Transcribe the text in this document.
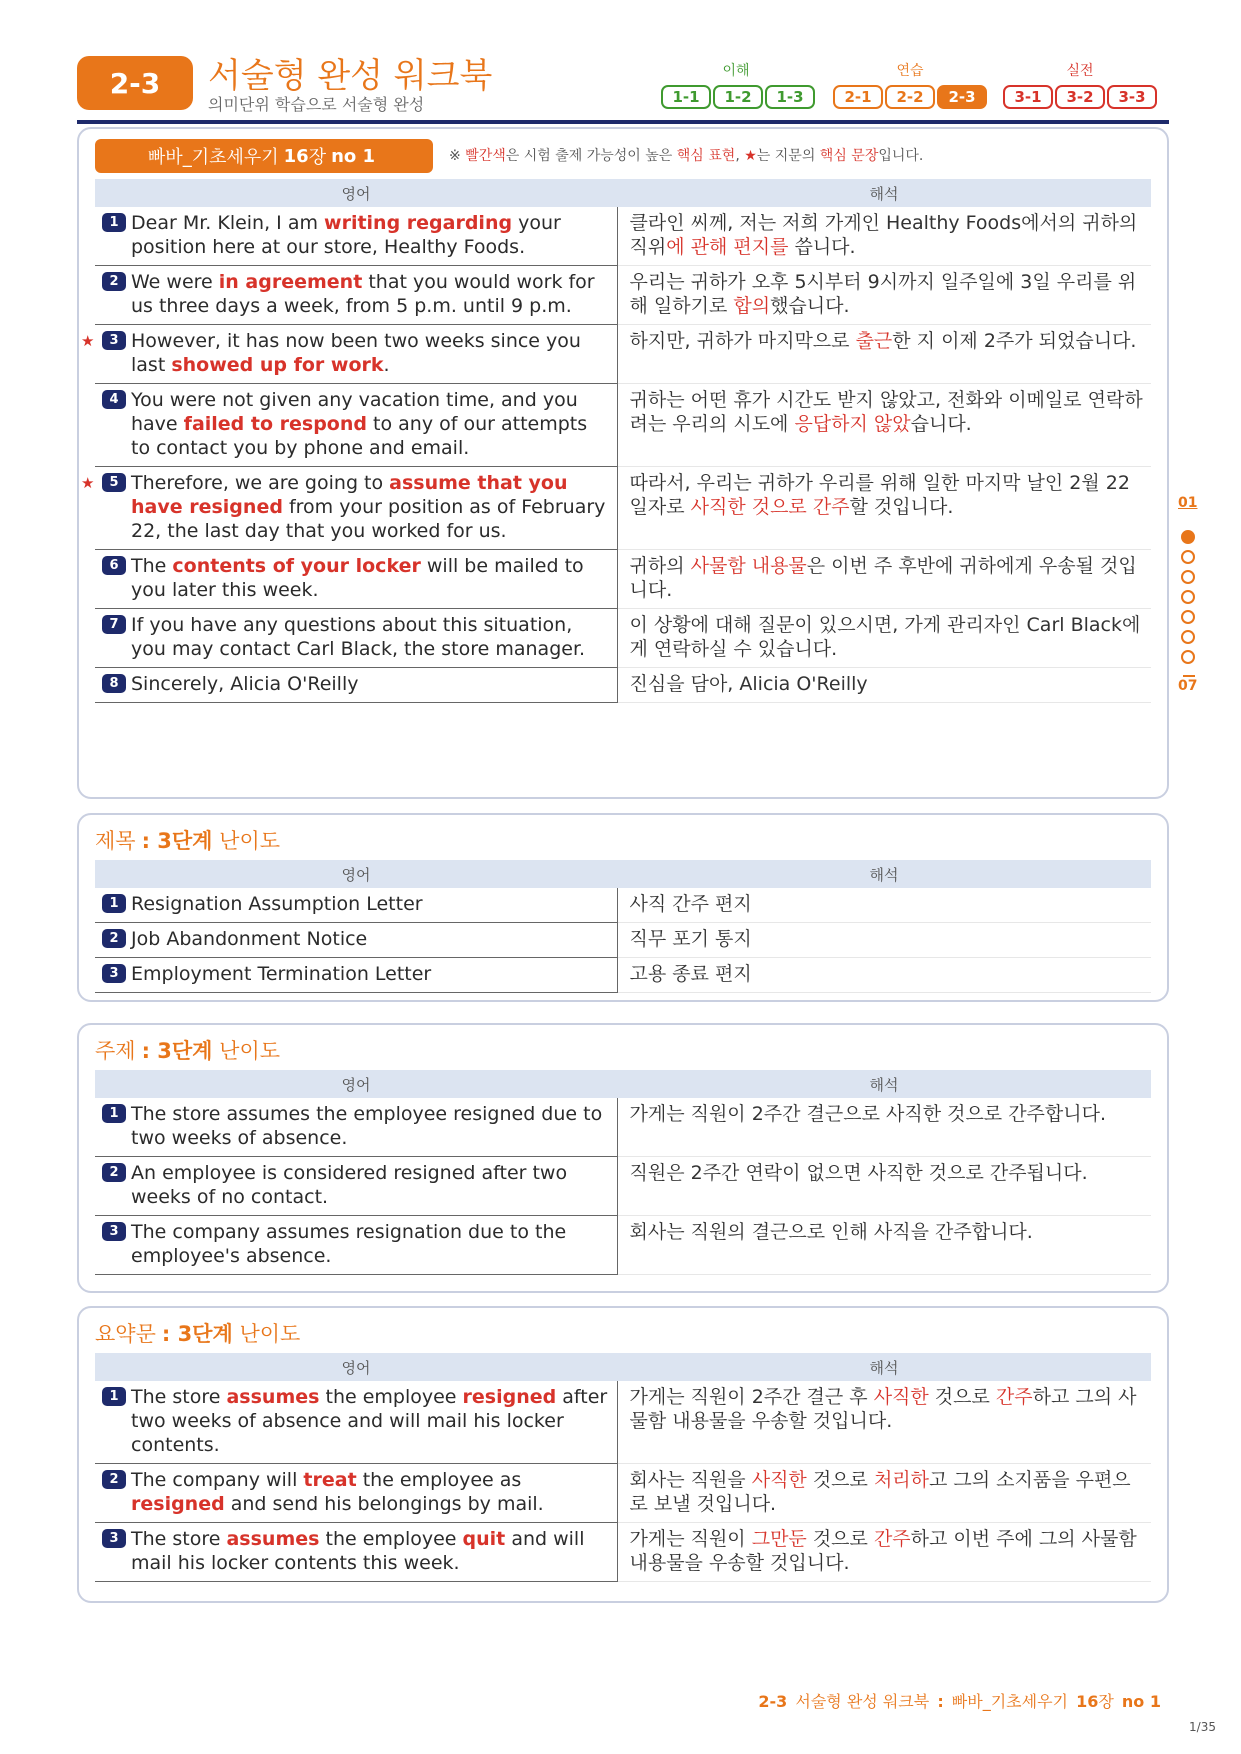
2-3	서술형 완성 워크북
의미단위 학습으로 서술형 완성
이해
1-1	1-2	1-3
연습
2-1	2-2	2-3
실전
3-1	3-2	3-3
빠바_기초세우기 16 장 no 1	※ 빨간색은 시험 출제 가능성이 높은 핵심 표현, ★는 지문의 핵심 문장입니다.
영어	해석

1 Dear Mr. Klein, I am writing regarding your position here at our store, Healthy Foods.	클라인 씨께, 저는 저희 가게인 Healthy Foods에서의 귀하의 직위에 관해 편지를 씁니다.

2 We were in agreement that you would work for us three days a week, from 5 p.m. until 9 p.m.	우리는 귀하가 오후 5시부터 9시까지 일주일에 3일 우리를 위해 일하기로 합의했습니다.

★ 3 However, it has now been two weeks since you last showed up for work.	하지만, 귀하가 마지막으로 출근한 지 이제 2주가 되었습니다.

4 You were not given any vacation time, and you have failed to respond to any of our attempts to contact you by phone and email.	귀하는 어떤 휴가 시간도 받지 않았고, 전화와 이메일로 연락하려는 우리의 시도에 응답하지 않았습니다.

★ 5 Therefore, we are going to assume that you have resigned from your position as of February 22, the last day that you worked for us.	따라서, 우리는 귀하가 우리를 위해 일한 마지막 날인 2월 22일자로 사직한 것으로 간주할 것입니다.

6 The contents of your locker will be mailed to you later this week.	귀하의 사물함 내용물은 이번 주 후반에 귀하에게 우송될 것입니다.

7 If you have any questions about this situation, you may contact Carl Black, the store manager.	이 상황에 대해 질문이 있으시면, 가게 관리자인 Carl Black에게 연락하실 수 있습니다.

8 Sincerely, Alicia O'Reilly	진심을 담아, Alicia O'Reilly
제목 : 3단계 난이도
영어	해석

1 Resignation Assumption Letter	사직 간주 편지

2 Job Abandonment Notice	직무 포기 통지

3 Employment Termination Letter	고용 종료 편지
주제 : 3단계 난이도
영어	해석

1 The store assumes the employee resigned due to two weeks of absence.	가게는 직원이 2주간 결근으로 사직한 것으로 간주합니다.

2 An employee is considered resigned after two weeks of no contact.	직원은 2주간 연락이 없으면 사직한 것으로 간주됩니다.

3 The company assumes resignation due to the employee's absence.	회사는 직원의 결근으로 인해 사직을 간주합니다.
요약문 : 3단계 난이도
영어	해석

1 The store assumes the employee resigned after two weeks of absence and will mail his locker contents.	가게는 직원이 2주간 결근 후 사직한 것으로 간주하고 그의 사물함 내용물을 우송할 것입니다.

2 The company will treat the employee as resigned and send his belongings by mail.	회사는 직원을 사직한 것으로 처리하고 그의 소지품을 우편으로 보낼 것입니다.

3 The store assumes the employee quit and will mail his locker contents this week.	가게는 직원이 그만둔 것으로 간주하고 이번 주에 그의 사물함 내용물을 우송할 것입니다.
01
07
2-3 서술형 완성 워크북 : 빠바_기초세우기 16장 no 1
1/35
